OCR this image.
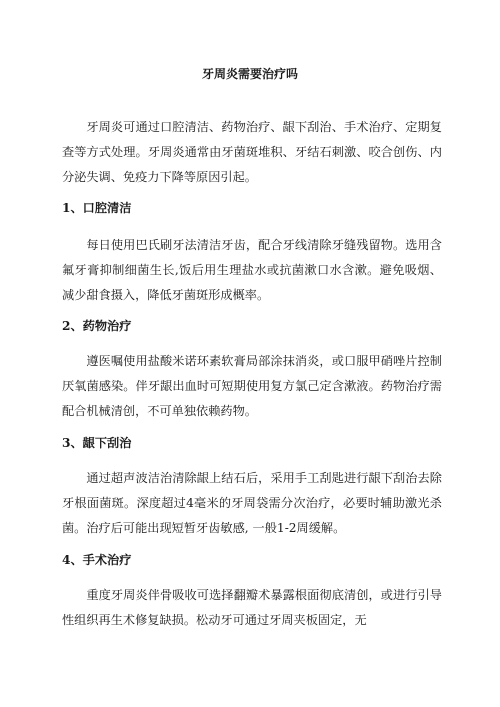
牙周炎需要治疗吗

牙周炎可通过口腔清洁、药物治疗、龈下刮治、手术治疗、定期复查等方式处理。牙周炎通常由牙菌斑堆积、牙结石刺激、咬合创伤、内分泌失调、免疫力下降等原因引起。

1、口腔清洁

每日使用巴氏刷牙法清洁牙齿，配合牙线清除牙缝残留物。选用含氟牙膏抑制细菌生长,饭后用生理盐水或抗菌漱口水含漱。避免吸烟、减少甜食摄入，降低牙菌斑形成概率。

2、药物治疗

遵医嘱使用盐酸米诺环素软膏局部涂抹消炎，或口服甲硝唑片控制厌氧菌感染。伴牙龈出血时可短期使用复方氯己定含漱液。药物治疗需配合机械清创，不可单独依赖药物。

3、龈下刮治

通过超声波洁治清除龈上结石后，采用手工刮匙进行龈下刮治去除牙根面菌斑。深度超过4毫米的牙周袋需分次治疗，必要时辅助激光杀菌。治疗后可能出现短暂牙齿敏感, 一般1-2周缓解。

4、手术治疗

重度牙周炎伴骨吸收可选择翻瓣术暴露根面彻底清创，或进行引导性组织再生术修复缺损。松动牙可通过牙周夹板固定，无
